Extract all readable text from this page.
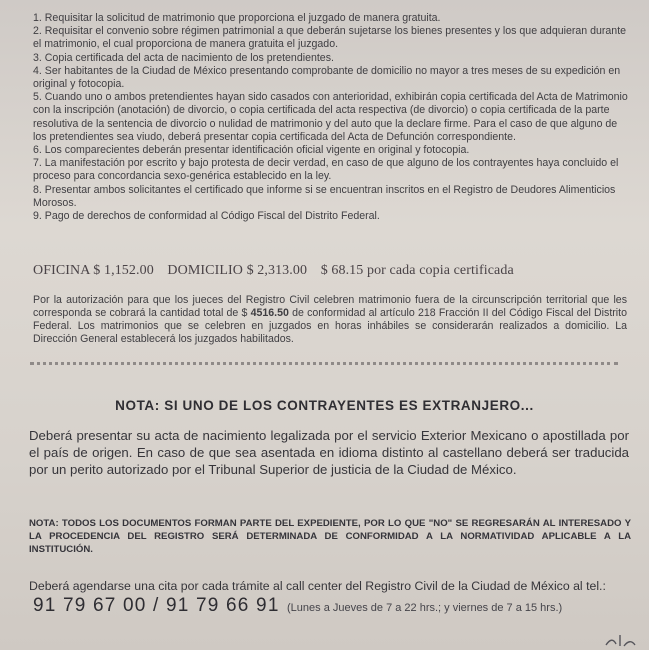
1. Requisitar la solicitud de matrimonio que proporciona el juzgado de manera gratuita.

2. Requisitar el convenio sobre régimen patrimonial a que deberán sujetarse los bienes presentes y los que adquieran durante el matrimonio, el cual proporciona de manera gratuita el juzgado.

3. Copia certificada del acta de nacimiento de los pretendientes.

4. Ser habitantes de la Ciudad de México presentando comprobante de domicilio no mayor a tres meses de su expedición en original y fotocopia.

5. Cuando uno o ambos pretendientes hayan sido casados con anterioridad, exhibirán copia certificada del Acta de Matrimonio con la inscripción (anotación) de divorcio, o copia certificada del acta respectiva (de divorcio) o copia certificada de la parte resolutiva de la sentencia de divorcio o nulidad de matrimonio y del auto que la declare firme. Para el caso de que alguno de los pretendientes sea viudo, deberá presentar copia certificada del Acta de Defunción correspondiente.

6. Los comparecientes deberán presentar identificación oficial vigente en original y fotocopia.

7. La manifestación por escrito y bajo protesta de decir verdad, en caso de que alguno de los contrayentes haya concluido el proceso para concordancia sexo-genérica establecido en la ley.

8. Presentar ambos solicitantes el certificado que informe si se encuentran inscritos en el Registro de Deudores Alimenticios Morosos.

9. Pago de derechos de conformidad al Código Fiscal del Distrito Federal.

OFICINA $ 1,152.00 DOMICILIO $ 2,313.00 $ 68.15 por cada copia certificada
Por la autorización para que los jueces del Registro Civil celebren matrimonio fuera de la circunscripción territorial que les corresponda se cobrará la cantidad total de $ 4516.50 de conformidad al artículo 218 Fracción II del Código Fiscal del Distrito Federal. Los matrimonios que se celebren en juzgados en horas inhábiles se considerarán realizados a domicilio. La Dirección General establecerá los juzgados habilitados.
NOTA: SI UNO DE LOS CONTRAYENTES ES EXTRANJERO...
Deberá presentar su acta de nacimiento legalizada por el servicio Exterior Mexicano o apostillada por el país de origen. En caso de que sea asentada en idioma distinto al castellano deberá ser traducida por un perito autorizado por el Tribunal Superior de justicia de la Ciudad de México.
NOTA: TODOS LOS DOCUMENTOS FORMAN PARTE DEL EXPEDIENTE, POR LO QUE "NO" SE REGRESARÁN AL INTERESADO Y LA PROCEDENCIA DEL REGISTRO SERÁ DETERMINADA DE CONFORMIDAD A LA NORMATIVIDAD APLICABLE A LA INSTITUCIÓN.
Deberá agendarse una cita por cada trámite al call center del Registro Civil de la Ciudad de México al tel.: 91 79 67 00 / 91 79 66 91 (Lunes a Jueves de 7 a 22 hrs.; y viernes de 7 a 15 hrs.)
